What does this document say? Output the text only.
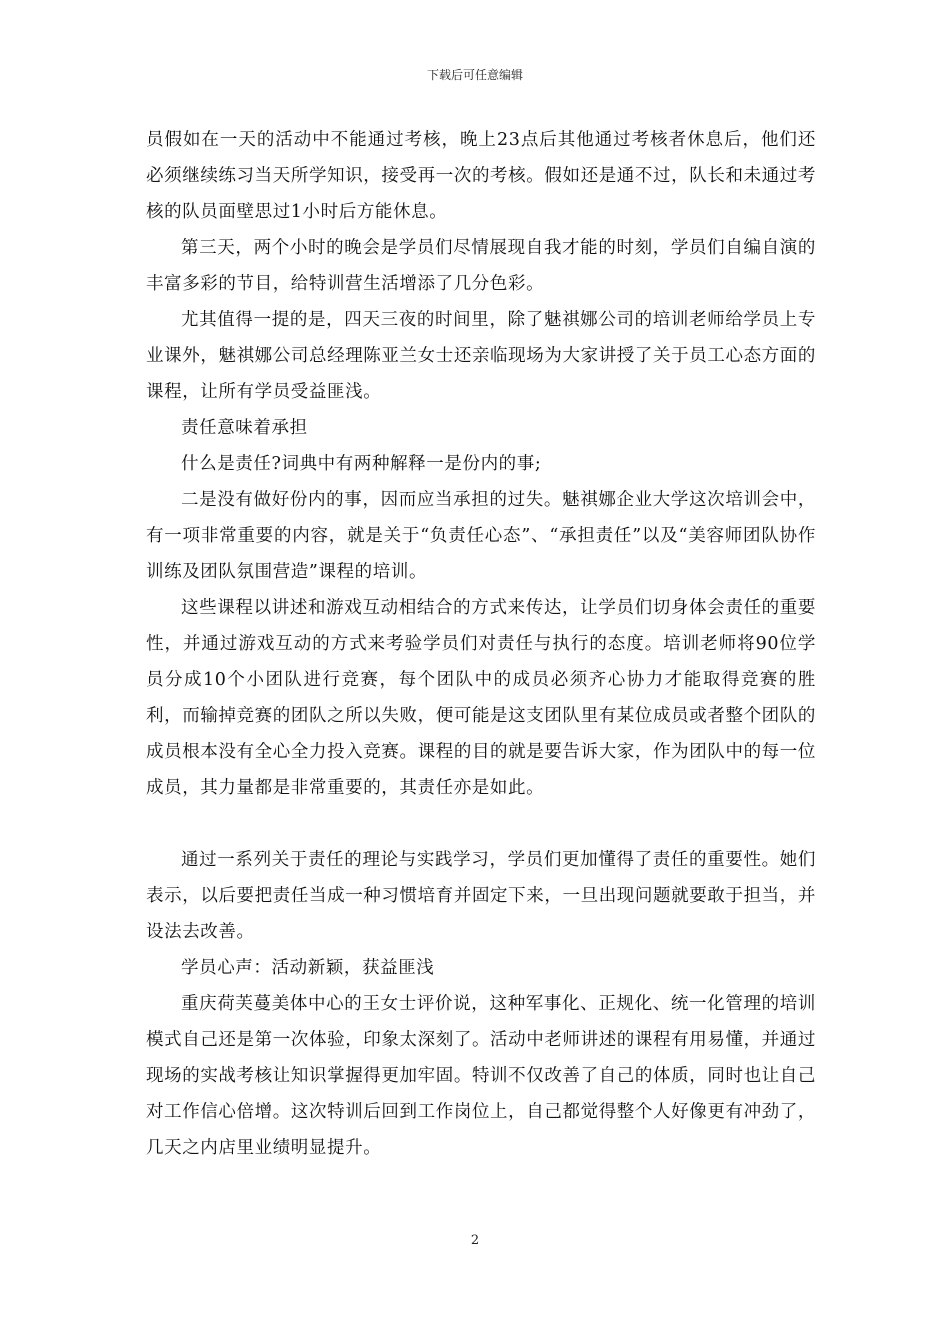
下载后可任意编辑

员假如在一天的活动中不能通过考核，晚上23点后其他通过考核者休息后，他们还必须继续练习当天所学知识，接受再一次的考核。假如还是通不过，队长和未通过考核的队员面壁思过1小时后方能休息。

第三天，两个小时的晚会是学员们尽情展现自我才能的时刻，学员们自编自演的丰富多彩的节目，给特训营生活增添了几分色彩。

尤其值得一提的是，四天三夜的时间里，除了魅祺娜公司的培训老师给学员上专业课外，魅祺娜公司总经理陈亚兰女士还亲临现场为大家讲授了关于员工心态方面的课程，让所有学员受益匪浅。

责任意味着承担

什么是责任?词典中有两种解释一是份内的事;

二是没有做好份内的事，因而应当承担的过失。魅祺娜企业大学这次培训会中，有一项非常重要的内容，就是关于“负责任心态”、“承担责任”以及“美容师团队协作训练及团队氛围营造”课程的培训。

这些课程以讲述和游戏互动相结合的方式来传达，让学员们切身体会责任的重要性，并通过游戏互动的方式来考验学员们对责任与执行的态度。培训老师将90位学员分成10个小团队进行竞赛，每个团队中的成员必须齐心协力才能取得竞赛的胜利，而输掉竞赛的团队之所以失败，便可能是这支团队里有某位成员或者整个团队的成员根本没有全心全力投入竞赛。课程的目的就是要告诉大家，作为团队中的每一位成员，其力量都是非常重要的，其责任亦是如此。

通过一系列关于责任的理论与实践学习，学员们更加懂得了责任的重要性。她们表示，以后要把责任当成一种习惯培育并固定下来，一旦出现问题就要敢于担当，并设法去改善。

学员心声：活动新颖，获益匪浅

重庆荷芙蔓美体中心的王女士评价说，这种军事化、正规化、统一化管理的培训模式自己还是第一次体验，印象太深刻了。活动中老师讲述的课程有用易懂，并通过现场的实战考核让知识掌握得更加牢固。特训不仅改善了自己的体质，同时也让自己对工作信心倍增。这次特训后回到工作岗位上，自己都觉得整个人好像更有冲劲了，几天之内店里业绩明显提升。

2
